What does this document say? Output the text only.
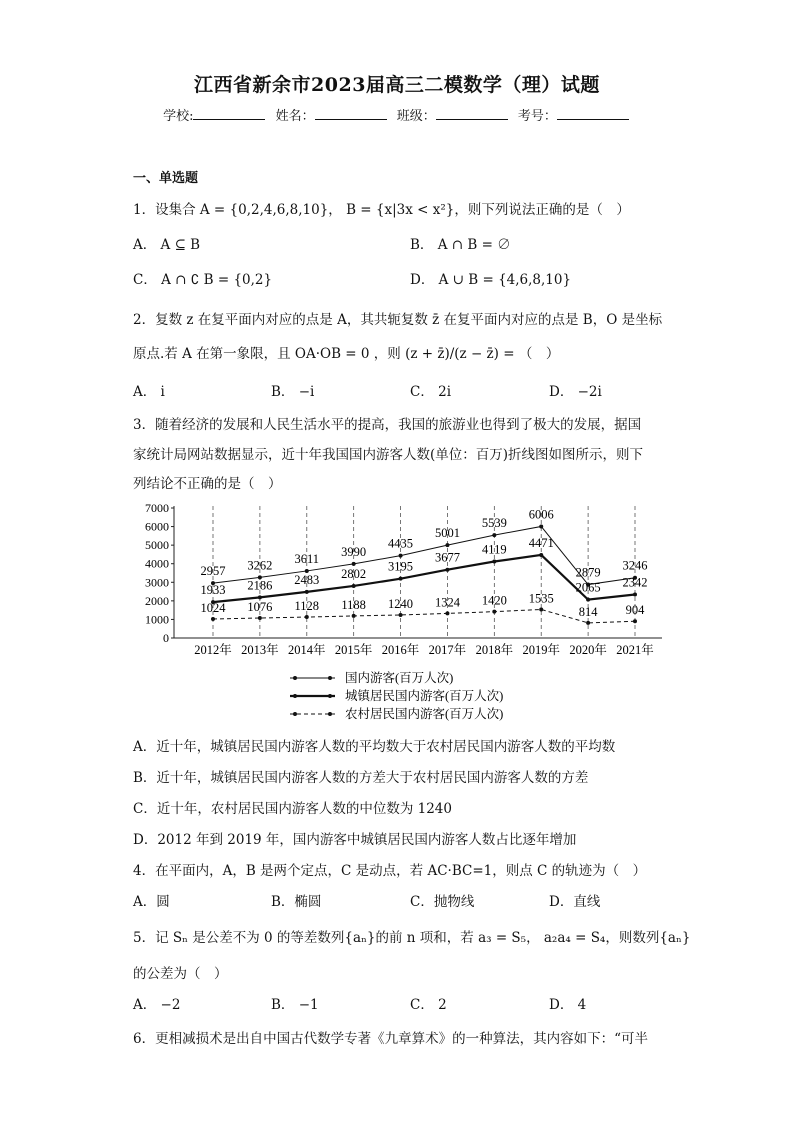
江西省新余市2023届高三二模数学（理）试题
学校:	姓名：	班级：	考号：
一、单选题
1．设集合 A = {0,2,4,6,8,10}， B = {x|3x < x²}，则下列说法正确的是（　）
A． A ⊆ B	B． A ∩ B = ∅
C． A ∩ ∁ B = {0,2}	D． A ∪ B = {4,6,8,10}
2．复数 z 在复平面内对应的点是 A，其共轭复数 z̄ 在复平面内对应的点是 B，O 是坐标
原点.若 A 在第一象限，且 OA·OB = 0 ，则 (z + z̄)/(z − z̄) = （　）
A． i	B． −i	C． 2i	D． −2i
3．随着经济的发展和人民生活水平的提高，我国的旅游业也得到了极大的发展，据国
家统计局网站数据显示，近十年我国国内游客人数(单位：百万)折线图如图所示，则下
列结论不正确的是（　）
0
1000
2000
3000
4000
5000
6000
7000
2012年 2013年 2014年 2015年 2016年 2017年 2018年 2019年 2020年 2021年
2957 3262 3611
3990
4435
5001
5539
6006
2879 3246
1933 2186 2483 2802
3195
3677
4119 4471
2065 2342
1024 1076 1128 1188 1240 1324 1420 1535
814 904
国内游客(百万人次)
城镇居民国内游客(百万人次)
农村居民国内游客(百万人次)
A．近十年，城镇居民国内游客人数的平均数大于农村居民国内游客人数的平均数
B．近十年，城镇居民国内游客人数的方差大于农村居民国内游客人数的方差
C．近十年，农村居民国内游客人数的中位数为 1240
D．2012 年到 2019 年，国内游客中城镇居民国内游客人数占比逐年增加
4．在平面内，A，B 是两个定点，C 是动点，若 AC·BC=1，则点 C 的轨迹为（　）
A．圆	B．椭圆	C．抛物线	D．直线
5．记 Sₙ 是公差不为 0 的等差数列{aₙ}的前 n 项和，若 a₃ = S₅， a₂a₄ = S₄，则数列{aₙ}
的公差为（　）
A． −2	B． −1	C． 2	D． 4
6．更相减损术是出自中国古代数学专著《九章算术》的一种算法，其内容如下：“可半
